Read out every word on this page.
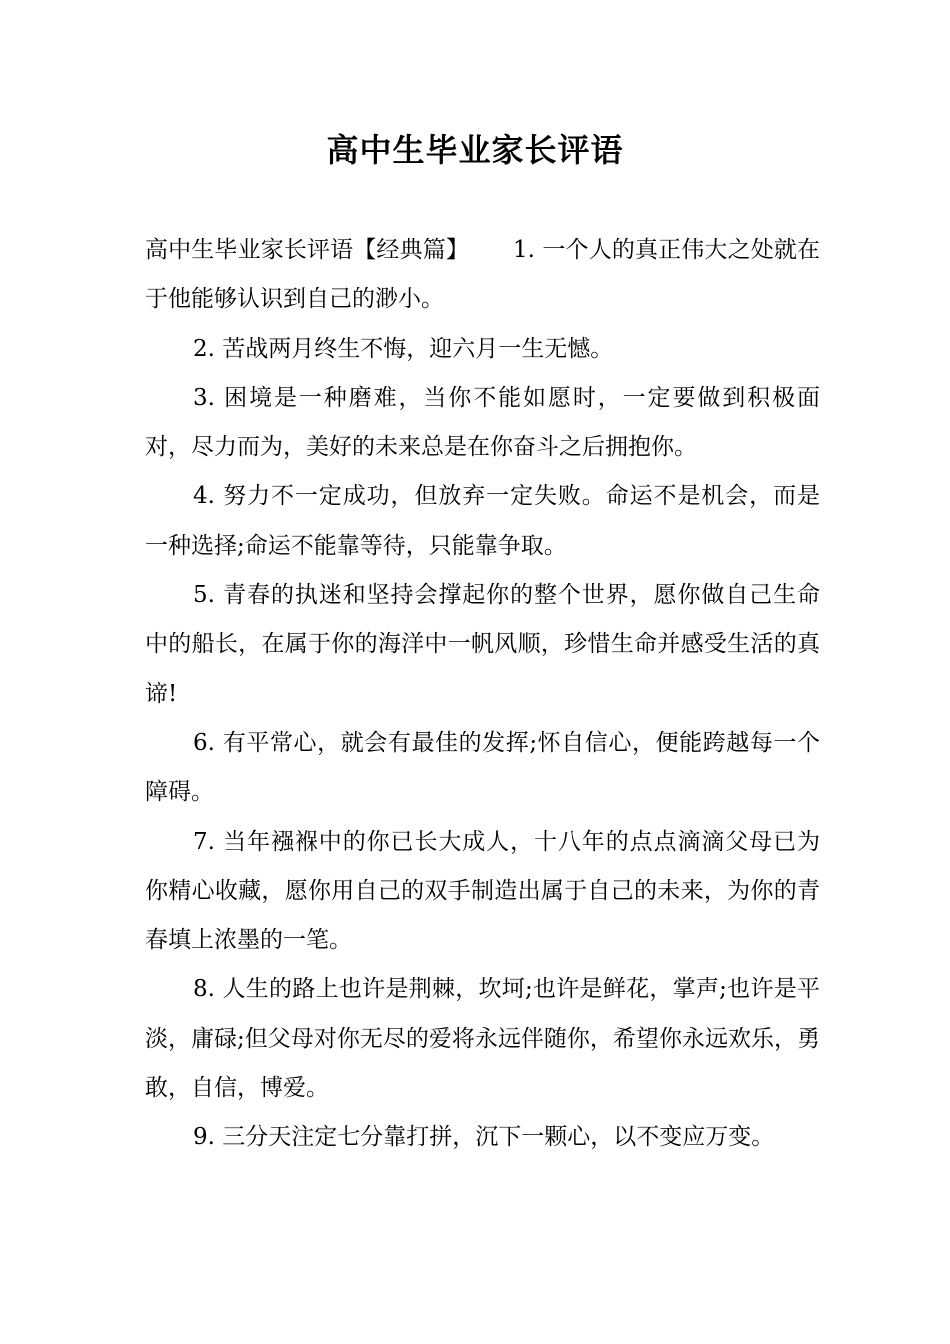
高中生毕业家长评语

高中生毕业家长评语【经典篇】 1. 一个人的真正伟大之处就在于他能够认识到自己的渺小。

2. 苦战两月终生不悔，迎六月一生无憾。

3. 困境是一种磨难，当你不能如愿时，一定要做到积极面对，尽力而为，美好的未来总是在你奋斗之后拥抱你。

4. 努力不一定成功，但放弃一定失败。命运不是机会，而是一种选择;命运不能靠等待，只能靠争取。

5. 青春的执迷和坚持会撑起你的整个世界，愿你做自己生命中的船长，在属于你的海洋中一帆风顺，珍惜生命并感受生活的真谛!

6. 有平常心，就会有最佳的发挥;怀自信心，便能跨越每一个障碍。

7. 当年襁褓中的你已长大成人，十八年的点点滴滴父母已为你精心收藏，愿你用自己的双手制造出属于自己的未来，为你的青春填上浓墨的一笔。

8. 人生的路上也许是荆棘，坎坷;也许是鲜花，掌声;也许是平淡，庸碌;但父母对你无尽的爱将永远伴随你，希望你永远欢乐，勇敢，自信，博爱。

9. 三分天注定七分靠打拼，沉下一颗心，以不变应万变。
